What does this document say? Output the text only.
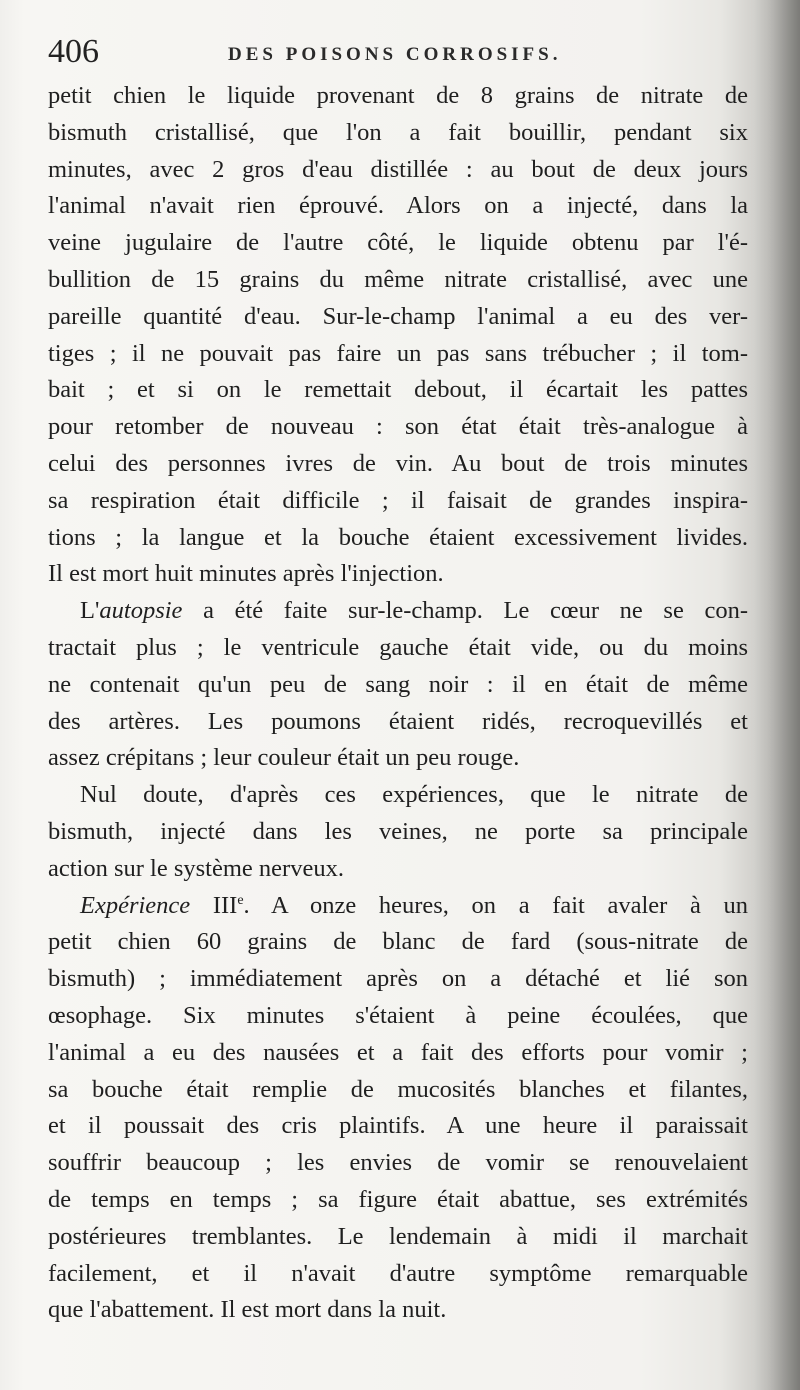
406	DES POISONS CORROSIFS.
petit chien le liquide provenant de 8 grains de nitrate de
bismuth cristallisé, que l'on a fait bouillir, pendant six
minutes, avec 2 gros d'eau distillée : au bout de deux jours
l'animal n'avait rien éprouvé. Alors on a injecté, dans la
veine jugulaire de l'autre côté, le liquide obtenu par l'é-
bullition de 15 grains du même nitrate cristallisé, avec une
pareille quantité d'eau. Sur-le-champ l'animal a eu des ver-
tiges ; il ne pouvait pas faire un pas sans trébucher ; il tom-
bait ; et si on le remettait debout, il écartait les pattes
pour retomber de nouveau : son état était très-analogue à
celui des personnes ivres de vin. Au bout de trois minutes
sa respiration était difficile ; il faisait de grandes inspira-
tions ; la langue et la bouche étaient excessivement livides.
Il est mort huit minutes après l'injection.
L'autopsie a été faite sur-le-champ. Le cœur ne se con-
tractait plus ; le ventricule gauche était vide, ou du moins
ne contenait qu'un peu de sang noir : il en était de même
des artères. Les poumons étaient ridés, recroquevillés et
assez crépitans ; leur couleur était un peu rouge.
Nul doute, d'après ces expériences, que le nitrate de
bismuth, injecté dans les veines, ne porte sa principale
action sur le système nerveux.
Expérience IIIe. A onze heures, on a fait avaler à un
petit chien 60 grains de blanc de fard (sous-nitrate de
bismuth) ; immédiatement après on a détaché et lié son
œsophage. Six minutes s'étaient à peine écoulées, que
l'animal a eu des nausées et a fait des efforts pour vomir ;
sa bouche était remplie de mucosités blanches et filantes,
et il poussait des cris plaintifs. A une heure il paraissait
souffrir beaucoup ; les envies de vomir se renouvelaient
de temps en temps ; sa figure était abattue, ses extrémités
postérieures tremblantes. Le lendemain à midi il marchait
facilement, et il n'avait d'autre symptôme remarquable
que l'abattement. Il est mort dans la nuit.
